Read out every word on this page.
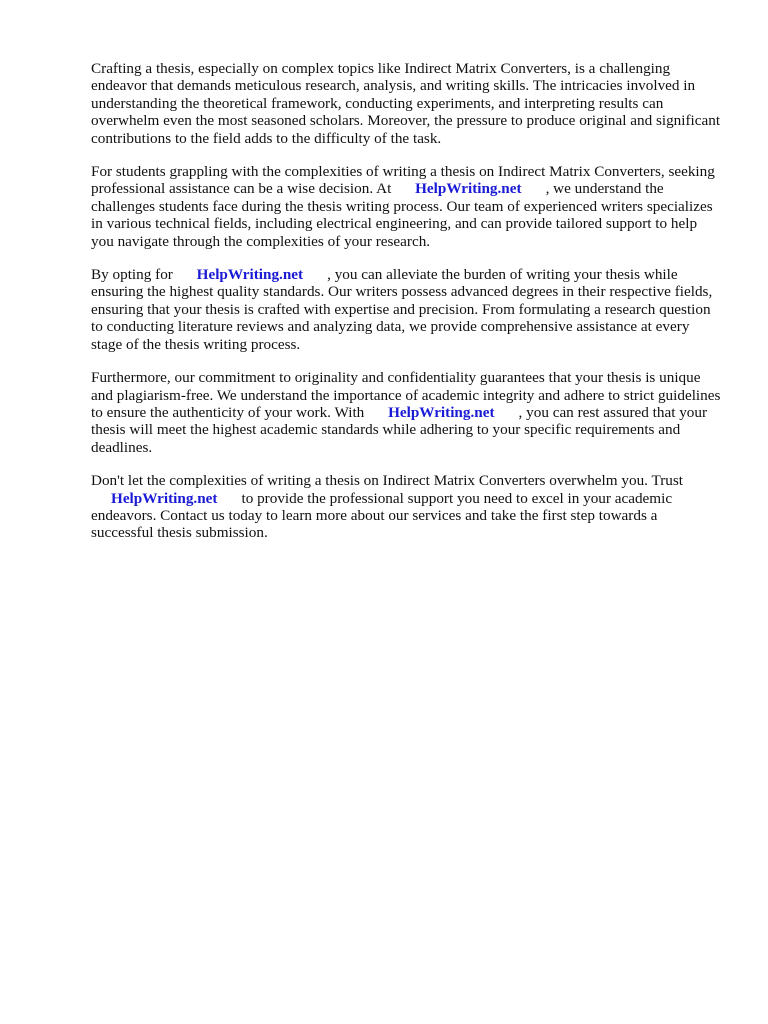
Crafting a thesis, especially on complex topics like Indirect Matrix Converters, is a challenging endeavor that demands meticulous research, analysis, and writing skills. The intricacies involved in understanding the theoretical framework, conducting experiments, and interpreting results can overwhelm even the most seasoned scholars. Moreover, the pressure to produce original and significant contributions to the field adds to the difficulty of the task.

For students grappling with the complexities of writing a thesis on Indirect Matrix Converters, seeking professional assistance can be a wise decision. At HelpWriting.net , we understand the challenges students face during the thesis writing process. Our team of experienced writers specializes in various technical fields, including electrical engineering, and can provide tailored support to help you navigate through the complexities of your research.

By opting for HelpWriting.net , you can alleviate the burden of writing your thesis while ensuring the highest quality standards. Our writers possess advanced degrees in their respective fields, ensuring that your thesis is crafted with expertise and precision. From formulating a research question to conducting literature reviews and analyzing data, we provide comprehensive assistance at every stage of the thesis writing process.

Furthermore, our commitment to originality and confidentiality guarantees that your thesis is unique and plagiarism-free. We understand the importance of academic integrity and adhere to strict guidelines to ensure the authenticity of your work. With HelpWriting.net , you can rest assured that your thesis will meet the highest academic standards while adhering to your specific requirements and deadlines.

Don't let the complexities of writing a thesis on Indirect Matrix Converters overwhelm you. Trust HelpWriting.net to provide the professional support you need to excel in your academic endeavors. Contact us today to learn more about our services and take the first step towards a successful thesis submission.
